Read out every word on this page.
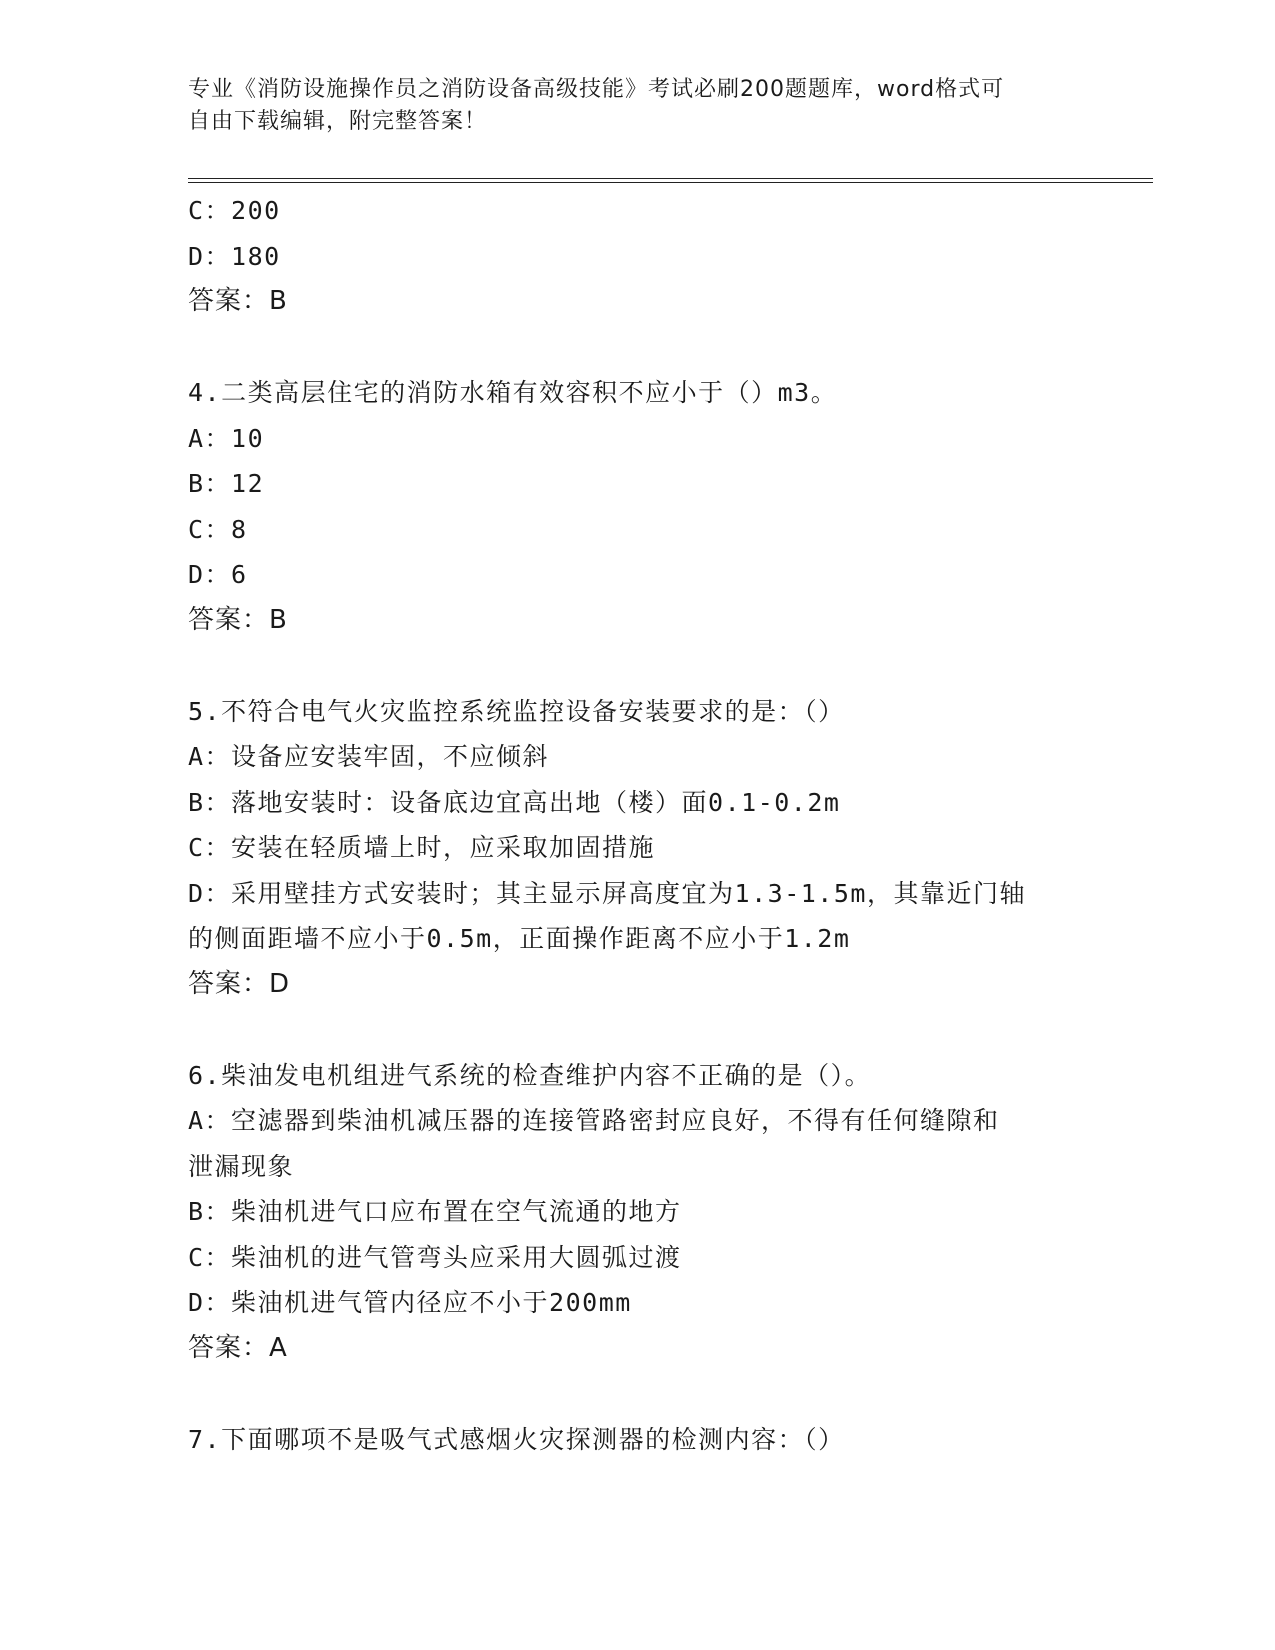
专业《消防设施操作员之消防设备高级技能》考试必刷200题题库，word格式可
自由下载编辑，附完整答案！
C：200
D：180
答案：B
4.二类高层住宅的消防水箱有效容积不应小于（）m3。
A：10
B：12
C：8
D：6
答案：B
5.不符合电气火灾监控系统监控设备安装要求的是：（）
A：设备应安装牢固，不应倾斜
B：落地安装时：设备底边宜高出地（楼）面0.1-0.2m
C：安装在轻质墙上时，应采取加固措施
D：采用壁挂方式安装时；其主显示屏高度宜为1.3-1.5m，其靠近门轴
的侧面距墙不应小于0.5m，正面操作距离不应小于1.2m
答案：D
6.柴油发电机组进气系统的检查维护内容不正确的是（）。
A：空滤器到柴油机减压器的连接管路密封应良好，不得有任何缝隙和
泄漏现象
B：柴油机进气口应布置在空气流通的地方
C：柴油机的进气管弯头应采用大圆弧过渡
D：柴油机进气管内径应不小于200mm
答案：A
7.下面哪项不是吸气式感烟火灾探测器的检测内容：（）
